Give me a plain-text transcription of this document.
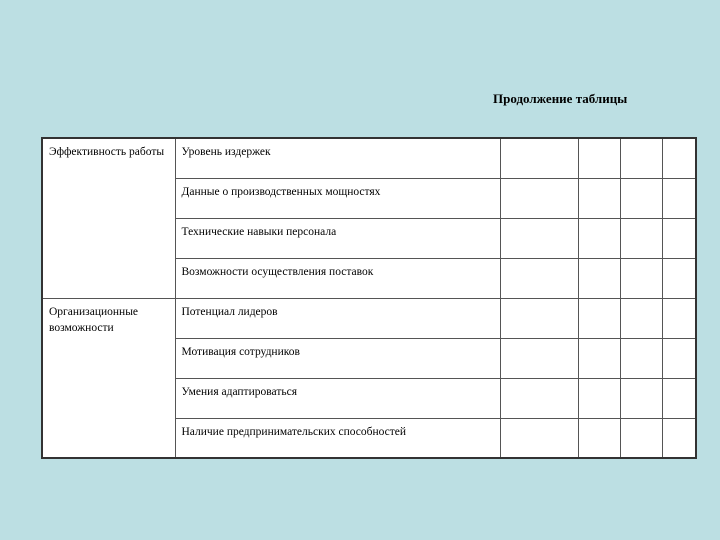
Продолжение таблицы
Эффективность работы	Уровень издержек				
	Данные о производственных мощностях				
	Технические навыки персонала				
	Возможности осуществления поставок				
Организационные возможности	Потенциал лидеров				
	Мотивация сотрудников				
	Умения адаптироваться				
	Наличие предпринимательских способностей				
